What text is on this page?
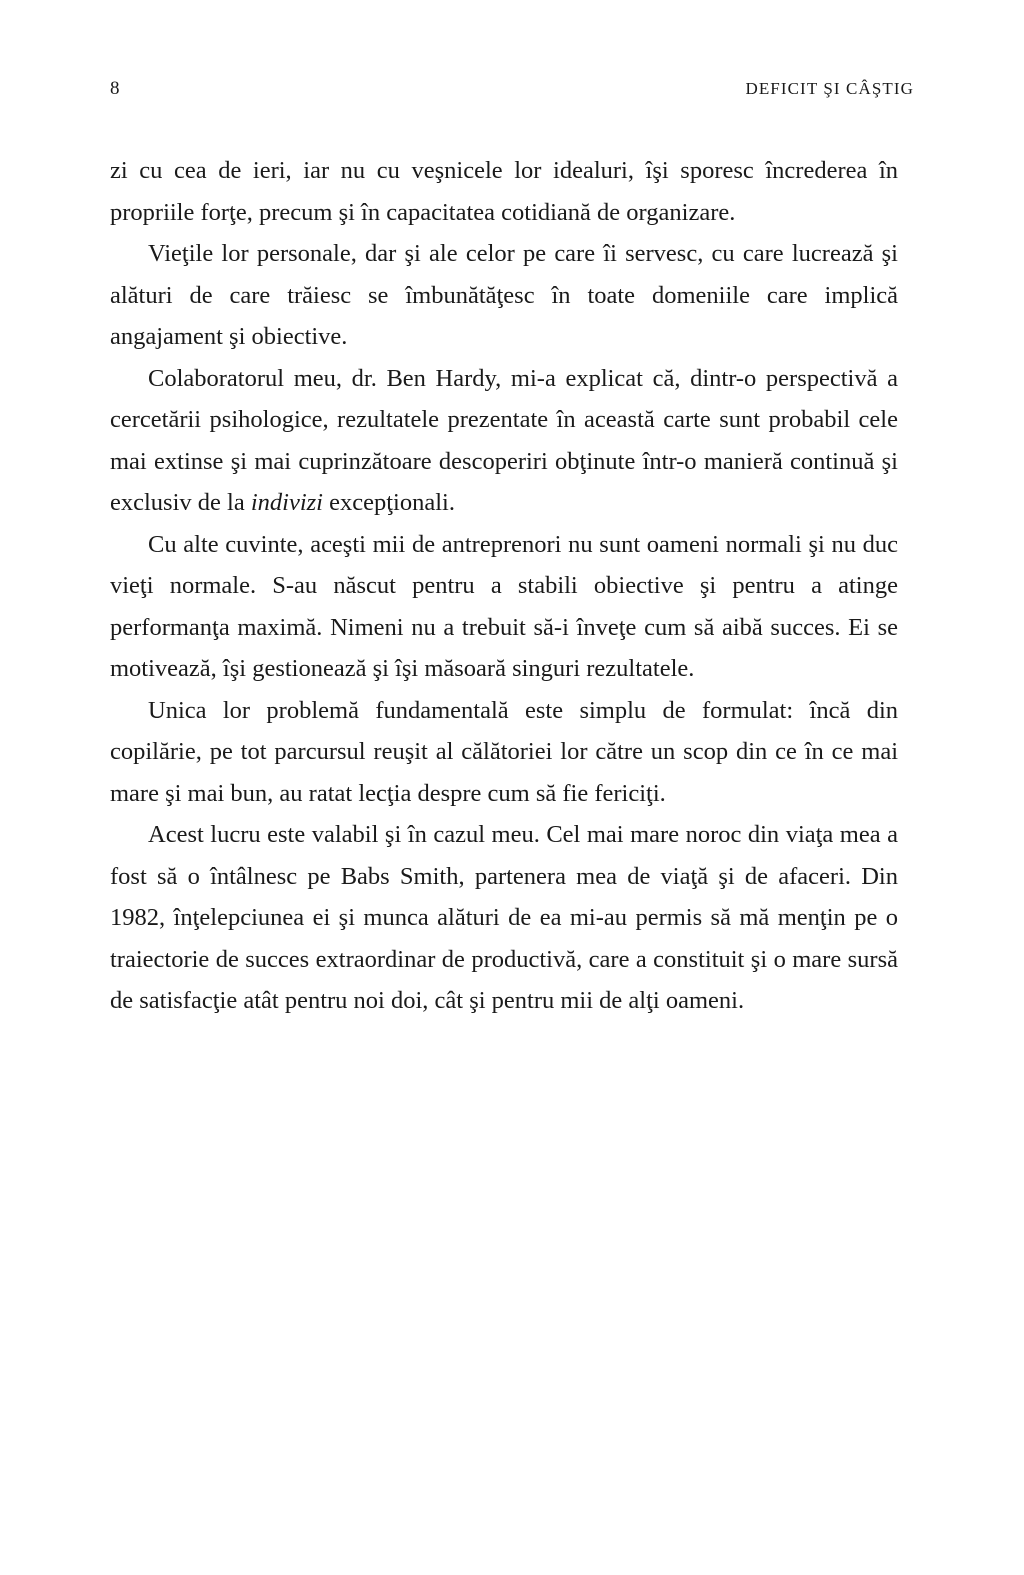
8	DEFICIT ŞI CÂŞTIG

zi cu cea de ieri, iar nu cu veşnicele lor idealuri, îşi sporesc încrederea în propriile forţe, precum şi în capacitatea cotidiană de organizare.

Vieţile lor personale, dar şi ale celor pe care îi servesc, cu care lucrează şi alături de care trăiesc se îmbunătăţesc în toate domeniile care implică angajament şi obiective.

Colaboratorul meu, dr. Ben Hardy, mi-a explicat că, dintr-o perspectivă a cercetării psihologice, rezultatele prezentate în această carte sunt probabil cele mai extinse şi mai cuprinzătoare descoperiri obţinute într-o manieră continuă şi exclusiv de la indivizi excepţionali.

Cu alte cuvinte, aceşti mii de antreprenori nu sunt oameni normali şi nu duc vieţi normale. S-au născut pentru a stabili obiective şi pentru a atinge performanţa maximă. Nimeni nu a trebuit să-i înveţe cum să aibă succes. Ei se motivează, îşi gestionează şi îşi măsoară singuri rezultatele.

Unica lor problemă fundamentală este simplu de formulat: încă din copilărie, pe tot parcursul reuşit al călătoriei lor către un scop din ce în ce mai mare şi mai bun, au ratat lecţia despre cum să fie fericiţi.

Acest lucru este valabil şi în cazul meu. Cel mai mare noroc din viaţa mea a fost să o întâlnesc pe Babs Smith, partenera mea de viaţă şi de afaceri. Din 1982, înţelepciunea ei şi munca alături de ea mi-au permis să mă menţin pe o traiectorie de succes extraordinar de productivă, care a constituit şi o mare sursă de satisfacţie atât pentru noi doi, cât şi pentru mii de alţi oameni.
